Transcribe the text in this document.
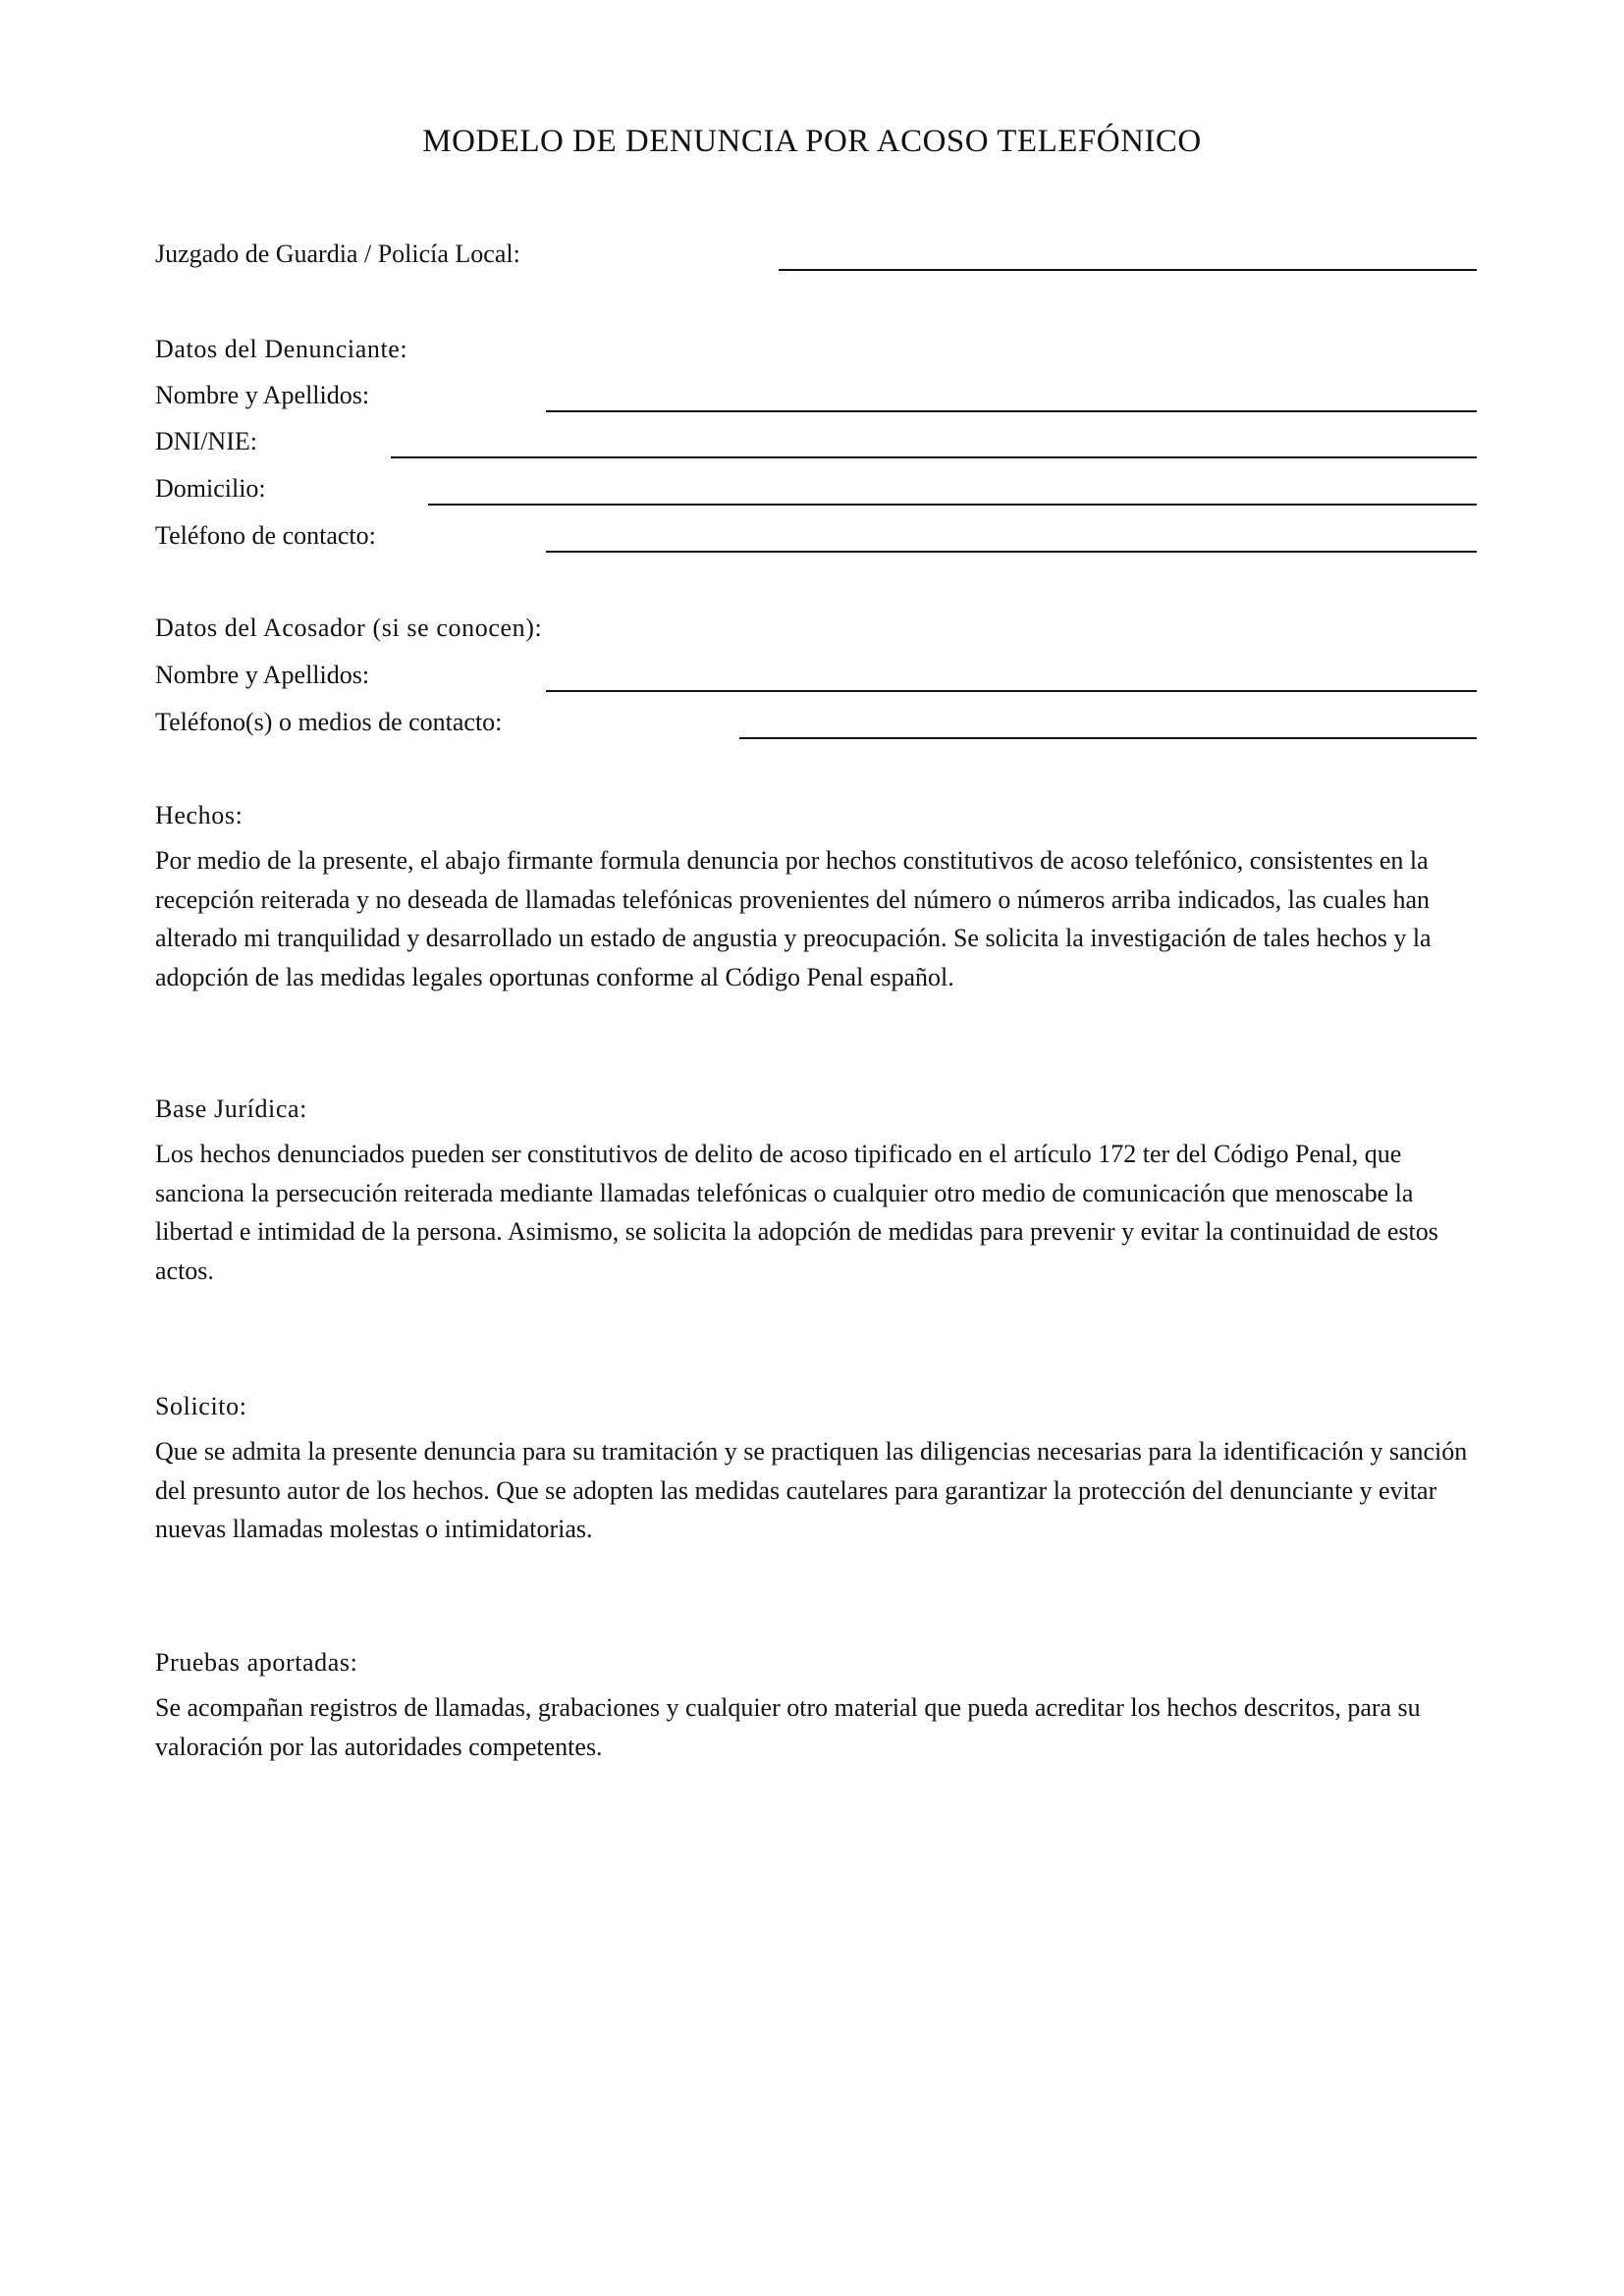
MODELO DE DENUNCIA POR ACOSO TELEFÓNICO
Juzgado de Guardia / Policía Local:
Datos del Denunciante:
Nombre y Apellidos:
DNI/NIE:
Domicilio:
Teléfono de contacto:
Datos del Acosador (si se conocen):
Nombre y Apellidos:
Teléfono(s) o medios de contacto:
Hechos:

Por medio de la presente, el abajo firmante formula denuncia por hechos constitutivos de acoso telefónico, consistentes en la recepción reiterada y no deseada de llamadas telefónicas provenientes del número o números arriba indicados, las cuales han alterado mi tranquilidad y desarrollado un estado de angustia y preocupación. Se solicita la investigación de tales hechos y la adopción de las medidas legales oportunas conforme al Código Penal español.

Base Jurídica:

Los hechos denunciados pueden ser constitutivos de delito de acoso tipificado en el artículo 172 ter del Código Penal, que sanciona la persecución reiterada mediante llamadas telefónicas o cualquier otro medio de comunicación que menoscabe la libertad e intimidad de la persona. Asimismo, se solicita la adopción de medidas para prevenir y evitar la continuidad de estos actos.

Solicito:

Que se admita la presente denuncia para su tramitación y se practiquen las diligencias necesarias para la identificación y sanción del presunto autor de los hechos. Que se adopten las medidas cautelares para garantizar la protección del denunciante y evitar nuevas llamadas molestas o intimidatorias.

Pruebas aportadas:

Se acompañan registros de llamadas, grabaciones y cualquier otro material que pueda acreditar los hechos descritos, para su valoración por las autoridades competentes.
